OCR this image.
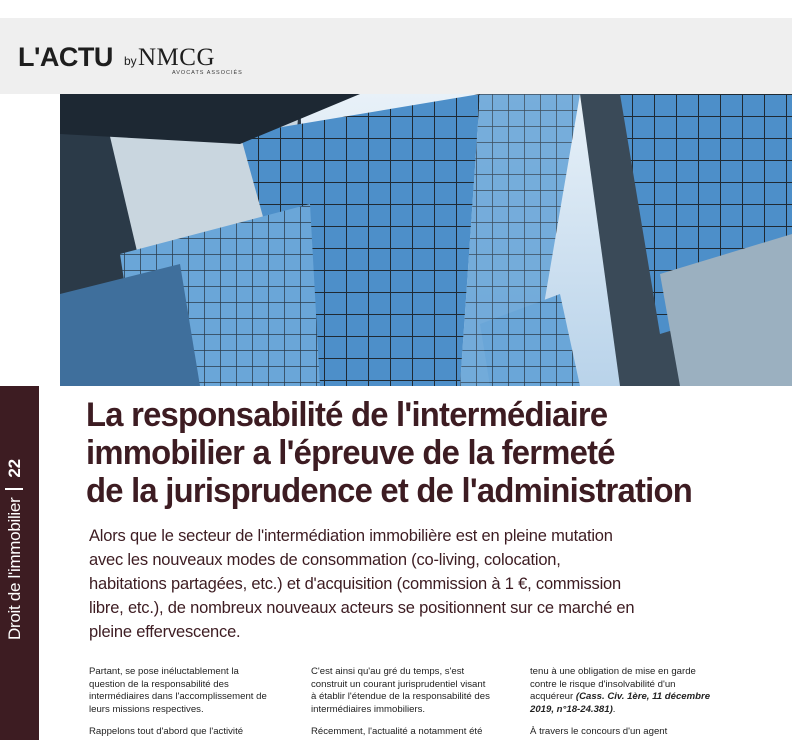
L'ACTU by NMCG
AVOCATS ASSOCIÉS
Droit de l'immobilier22
La responsabilité de l'intermédiaire
immobilier a l'épreuve de la fermeté
de la jurisprudence et de l'administration

Alors que le secteur de l'intermédiation immobilière est en pleine mutation
avec les nouveaux modes de consommation (co-living, colocation,
habitations partagées, etc.) et d'acquisition (commission à 1 €, commission
libre, etc.), de nombreux nouveaux acteurs se positionnent sur ce marché en
pleine effervescence.

Partant, se pose inéluctablement la
question de la responsabilité des
intermédiaires dans l'accomplissement de
leurs missions respectives.

Rappelons tout d'abord que l'activité

C'est ainsi qu'au gré du temps, s'est
construit un courant jurisprudentiel visant
à établir l'étendue de la responsabilité des
intermédiaires immobiliers.

Récemment, l'actualité a notamment été

tenu à une obligation de mise en garde
contre le risque d'insolvabilité d'un
acquéreur (Cass. Civ. 1ère, 11 décembre
2019, n°18-24.381).

À travers le concours d'un agent
